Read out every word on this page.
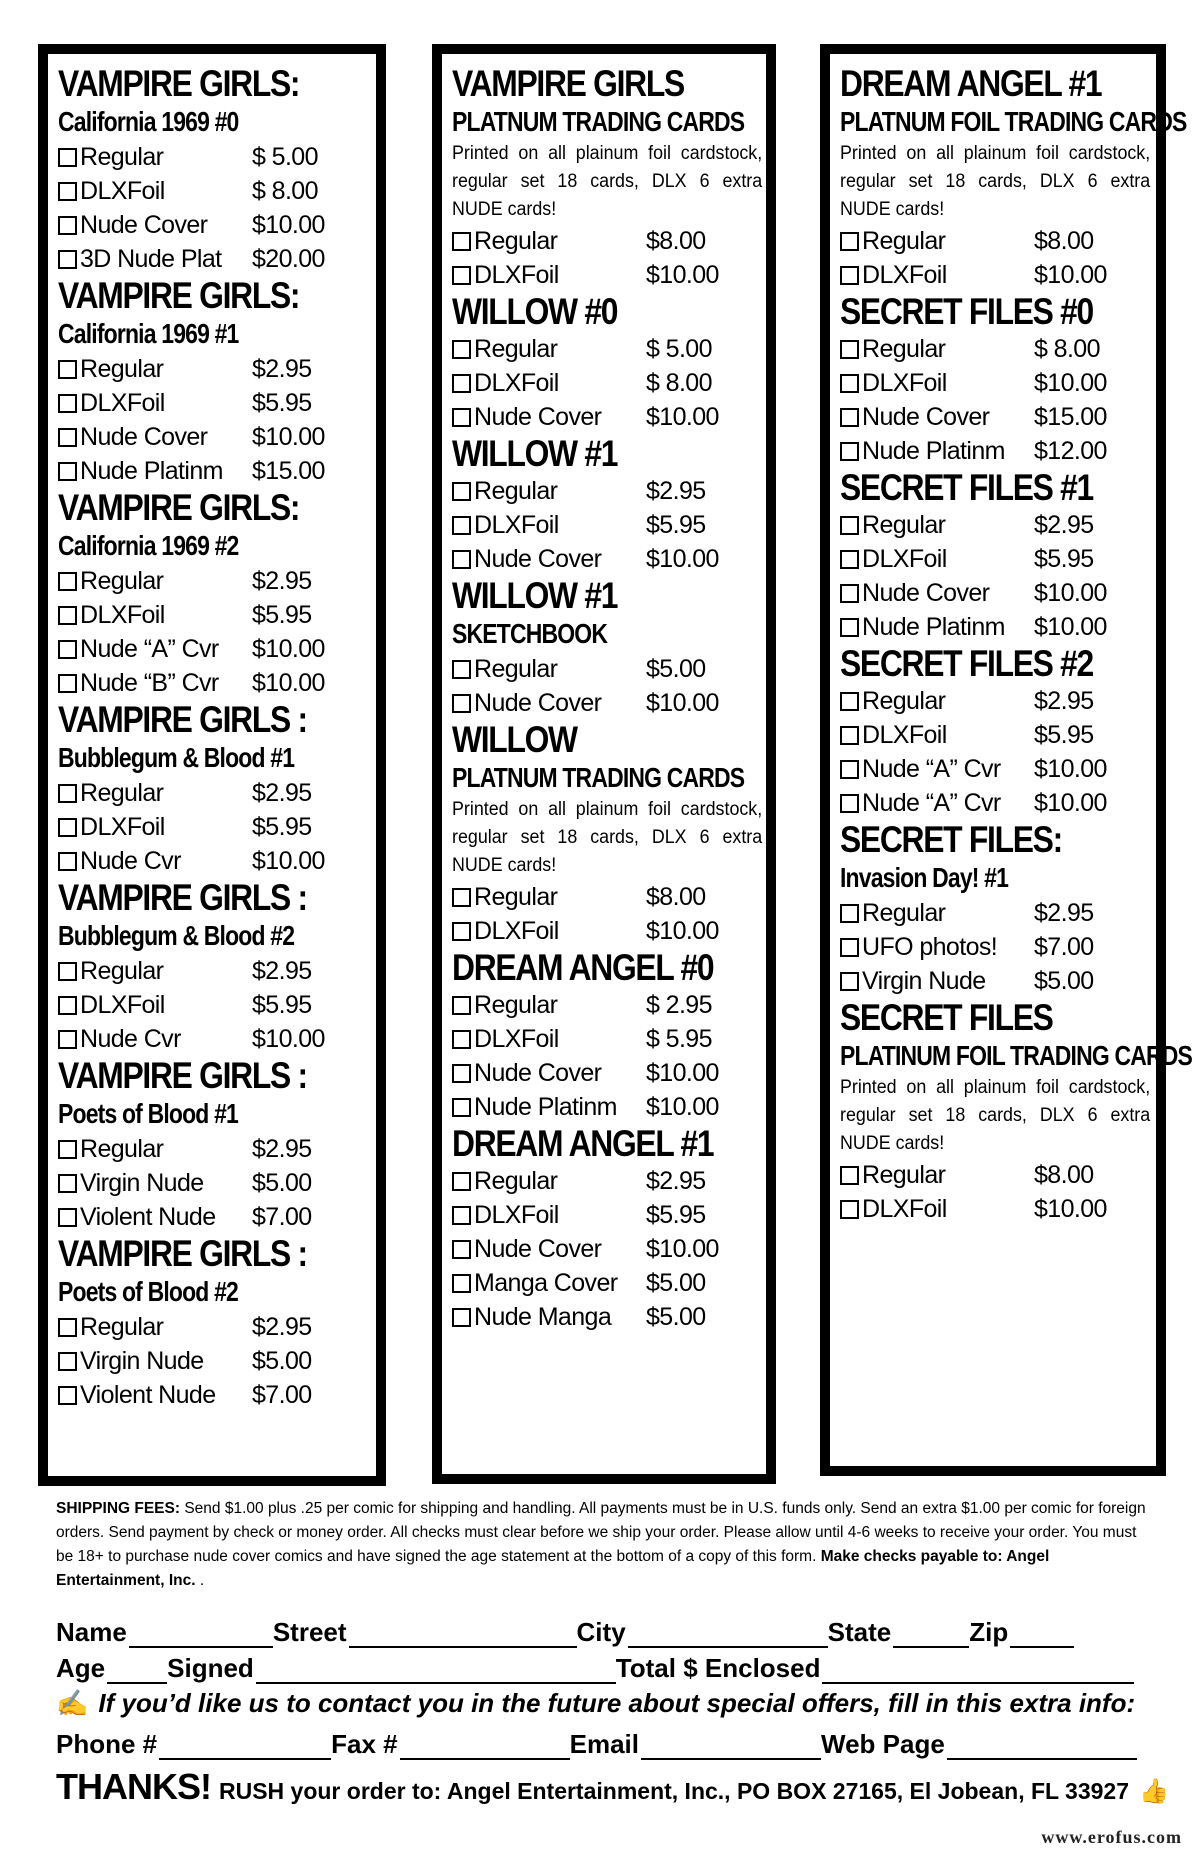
VAMPIRE GIRLS:
California 1969 #0
Regular	$ 5.00
DLXFoil	$ 8.00
Nude Cover	$10.00
3D Nude Plat	$20.00
VAMPIRE GIRLS:
California 1969 #1
Regular	$2.95
DLXFoil	$5.95
Nude Cover	$10.00
Nude Platinm	$15.00
VAMPIRE GIRLS:
California 1969 #2
Regular	$2.95
DLXFoil	$5.95
Nude “A” Cvr	$10.00
Nude “B” Cvr	$10.00
VAMPIRE GIRLS :
Bubblegum & Blood #1
Regular	$2.95
DLXFoil	$5.95
Nude Cvr	$10.00
VAMPIRE GIRLS :
Bubblegum & Blood #2
Regular	$2.95
DLXFoil	$5.95
Nude Cvr	$10.00
VAMPIRE GIRLS :
Poets of Blood #1
Regular	$2.95
Virgin Nude	$5.00
Violent Nude	$7.00
VAMPIRE GIRLS :
Poets of Blood #2
Regular	$2.95
Virgin Nude	$5.00
Violent Nude	$7.00
VAMPIRE GIRLS
PLATNUM TRADING CARDS
Printed on all plainum foil cardstock, regular set 18 cards, DLX 6 extra NUDE cards!
Regular	$8.00
DLXFoil	$10.00
WILLOW #0
Regular	$ 5.00
DLXFoil	$ 8.00
Nude Cover	$10.00
WILLOW #1
Regular	$2.95
DLXFoil	$5.95
Nude Cover	$10.00
WILLOW #1
SKETCHBOOK
Regular	$5.00
Nude Cover	$10.00
WILLOW
PLATNUM TRADING CARDS
Printed on all plainum foil cardstock, regular set 18 cards, DLX 6 extra NUDE cards!
Regular	$8.00
DLXFoil	$10.00
DREAM ANGEL #0
Regular	$ 2.95
DLXFoil	$ 5.95
Nude Cover	$10.00
Nude Platinm	$10.00
DREAM ANGEL #1
Regular	$2.95
DLXFoil	$5.95
Nude Cover	$10.00
Manga Cover	$5.00
Nude Manga	$5.00
DREAM ANGEL #1
PLATNUM FOIL TRADING CARDS
Printed on all plainum foil cardstock, regular set 18 cards, DLX 6 extra NUDE cards!
Regular	$8.00
DLXFoil	$10.00
SECRET FILES #0
Regular	$ 8.00
DLXFoil	$10.00
Nude Cover	$15.00
Nude Platinm	$12.00
SECRET FILES #1
Regular	$2.95
DLXFoil	$5.95
Nude Cover	$10.00
Nude Platinm	$10.00
SECRET FILES #2
Regular	$2.95
DLXFoil	$5.95
Nude “A” Cvr	$10.00
Nude “A” Cvr	$10.00
SECRET FILES:
Invasion Day! #1
Regular	$2.95
UFO photos!	$7.00
Virgin Nude	$5.00
SECRET FILES
PLATINUM FOIL TRADING CARDS
Printed on all plainum foil cardstock, regular set 18 cards, DLX 6 extra NUDE cards!
Regular	$8.00
DLXFoil	$10.00
SHIPPING FEES: Send $1.00 plus .25 per comic for shipping and handling. All payments must be in U.S. funds only. Send an extra $1.00 per comic for foreign orders. Send payment by check or money order. All checks must clear before we ship your order. Please allow until 4-6 weeks to receive your order. You must be 18+ to purchase nude cover comics and have signed the age statement at the bottom of a copy of this form. Make checks payable to: Angel Entertainment, Inc. .
Name	Street	City	State	Zip
Age Signed	Total $ Enclosed
✍ If you’d like us to contact you in the future about special offers, fill in this extra info:
Phone #	Fax #	Email	Web Page
THANKS! RUSH your order to: Angel Entertainment, Inc., PO BOX 27165, El Jobean, FL 33927 👍
www.erofus.com
